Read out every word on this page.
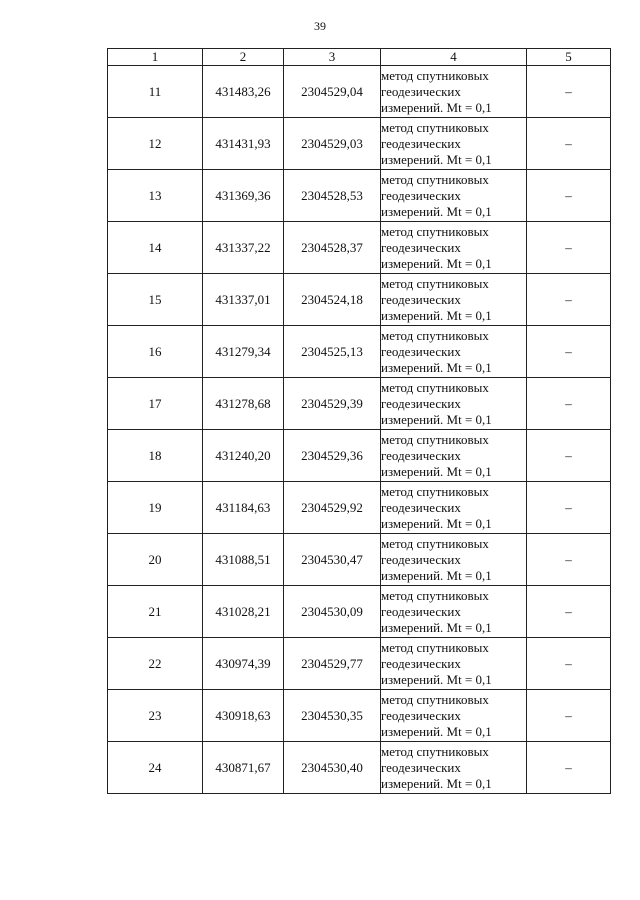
39
1	2	3	4	5
11	431483,26	2304529,04	метод спутниковых
геодезических
измерений. Mt = 0,1	–
12	431431,93	2304529,03	метод спутниковых
геодезических
измерений. Mt = 0,1	–
13	431369,36	2304528,53	метод спутниковых
геодезических
измерений. Mt = 0,1	–
14	431337,22	2304528,37	метод спутниковых
геодезических
измерений. Mt = 0,1	–
15	431337,01	2304524,18	метод спутниковых
геодезических
измерений. Mt = 0,1	–
16	431279,34	2304525,13	метод спутниковых
геодезических
измерений. Mt = 0,1	–
17	431278,68	2304529,39	метод спутниковых
геодезических
измерений. Mt = 0,1	–
18	431240,20	2304529,36	метод спутниковых
геодезических
измерений. Mt = 0,1	–
19	431184,63	2304529,92	метод спутниковых
геодезических
измерений. Mt = 0,1	–
20	431088,51	2304530,47	метод спутниковых
геодезических
измерений. Mt = 0,1	–
21	431028,21	2304530,09	метод спутниковых
геодезических
измерений. Mt = 0,1	–
22	430974,39	2304529,77	метод спутниковых
геодезических
измерений. Mt = 0,1	–
23	430918,63	2304530,35	метод спутниковых
геодезических
измерений. Mt = 0,1	–
24	430871,67	2304530,40	метод спутниковых
геодезических
измерений. Mt = 0,1	–
